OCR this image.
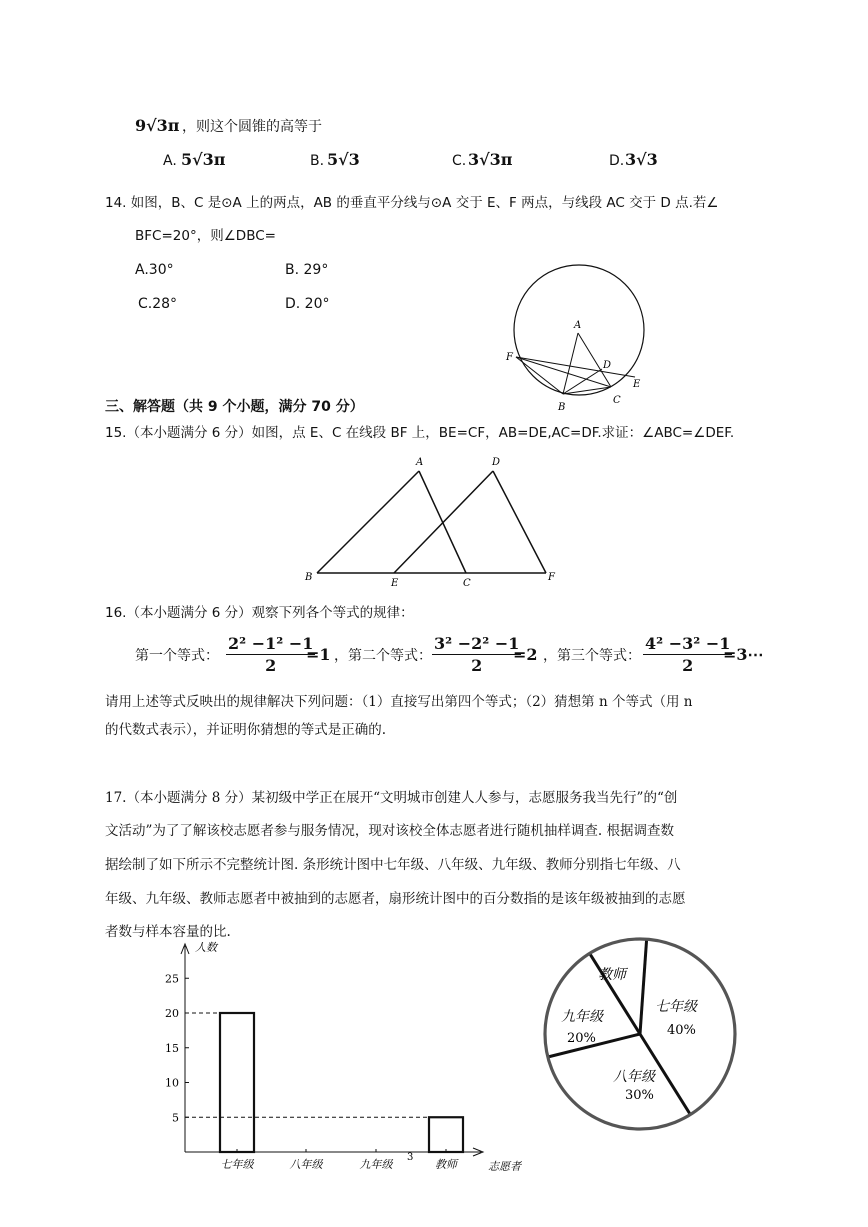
9√3π ，则这个圆锥的高等于
A. 5√3π	B. 5√3	C. 3√3π	D. 3√3
14. 如图，B、C 是⊙A 上的两点，AB 的垂直平分线与⊙A 交于 E、F 两点，与线段 AC 交于 D 点.若∠
BFC=20°，则∠DBC=
A.30°	B. 29°
C.28°	D. 20°
A
F
D
E
B
C
三、解答题（共 9 个小题，满分 70 分）
15.（本小题满分 6 分）如图，点 E、C 在线段 BF 上，BE=CF，AB=DE,AC=DF.求证：∠ABC=∠DEF.
A	D
B
E	C
F
16.（本小题满分 6 分）观察下列各个等式的规律：
第一个等式： $\frac{\text{2² −1² −1}}{2}$
=1 ，第二个等式： $\frac{\text{3² −2² −1}}{2}$
=2 ，第三个等式： $\frac{\text{4² −3² −1}}{2}$
=3⋯
请用上述等式反映出的规律解决下列问题：（1）直接写出第四个等式；（2）猜想第 n 个等式（用 n
的代数式表示），并证明你猜想的等式是正确的.
17.（本小题满分 8 分）某初级中学正在展开“文明城市创建人人参与，志愿服务我当先行”的“创
文活动”为了了解该校志愿者参与服务情况，现对该校全体志愿者进行随机抽样调查. 根据调查数
据绘制了如下所示不完整统计图. 条形统计图中七年级、八年级、九年级、教师分别指七年级、八
年级、九年级、教师志愿者中被抽到的志愿者，扇形统计图中的百分数指的是该年级被抽到的志愿
者数与样本容量的比.
人数
志愿者
5
10
15
20
25
七年级	八年级	九年级	教师
3
七年级
40%
八年级
30%
九年级
20%
教师
